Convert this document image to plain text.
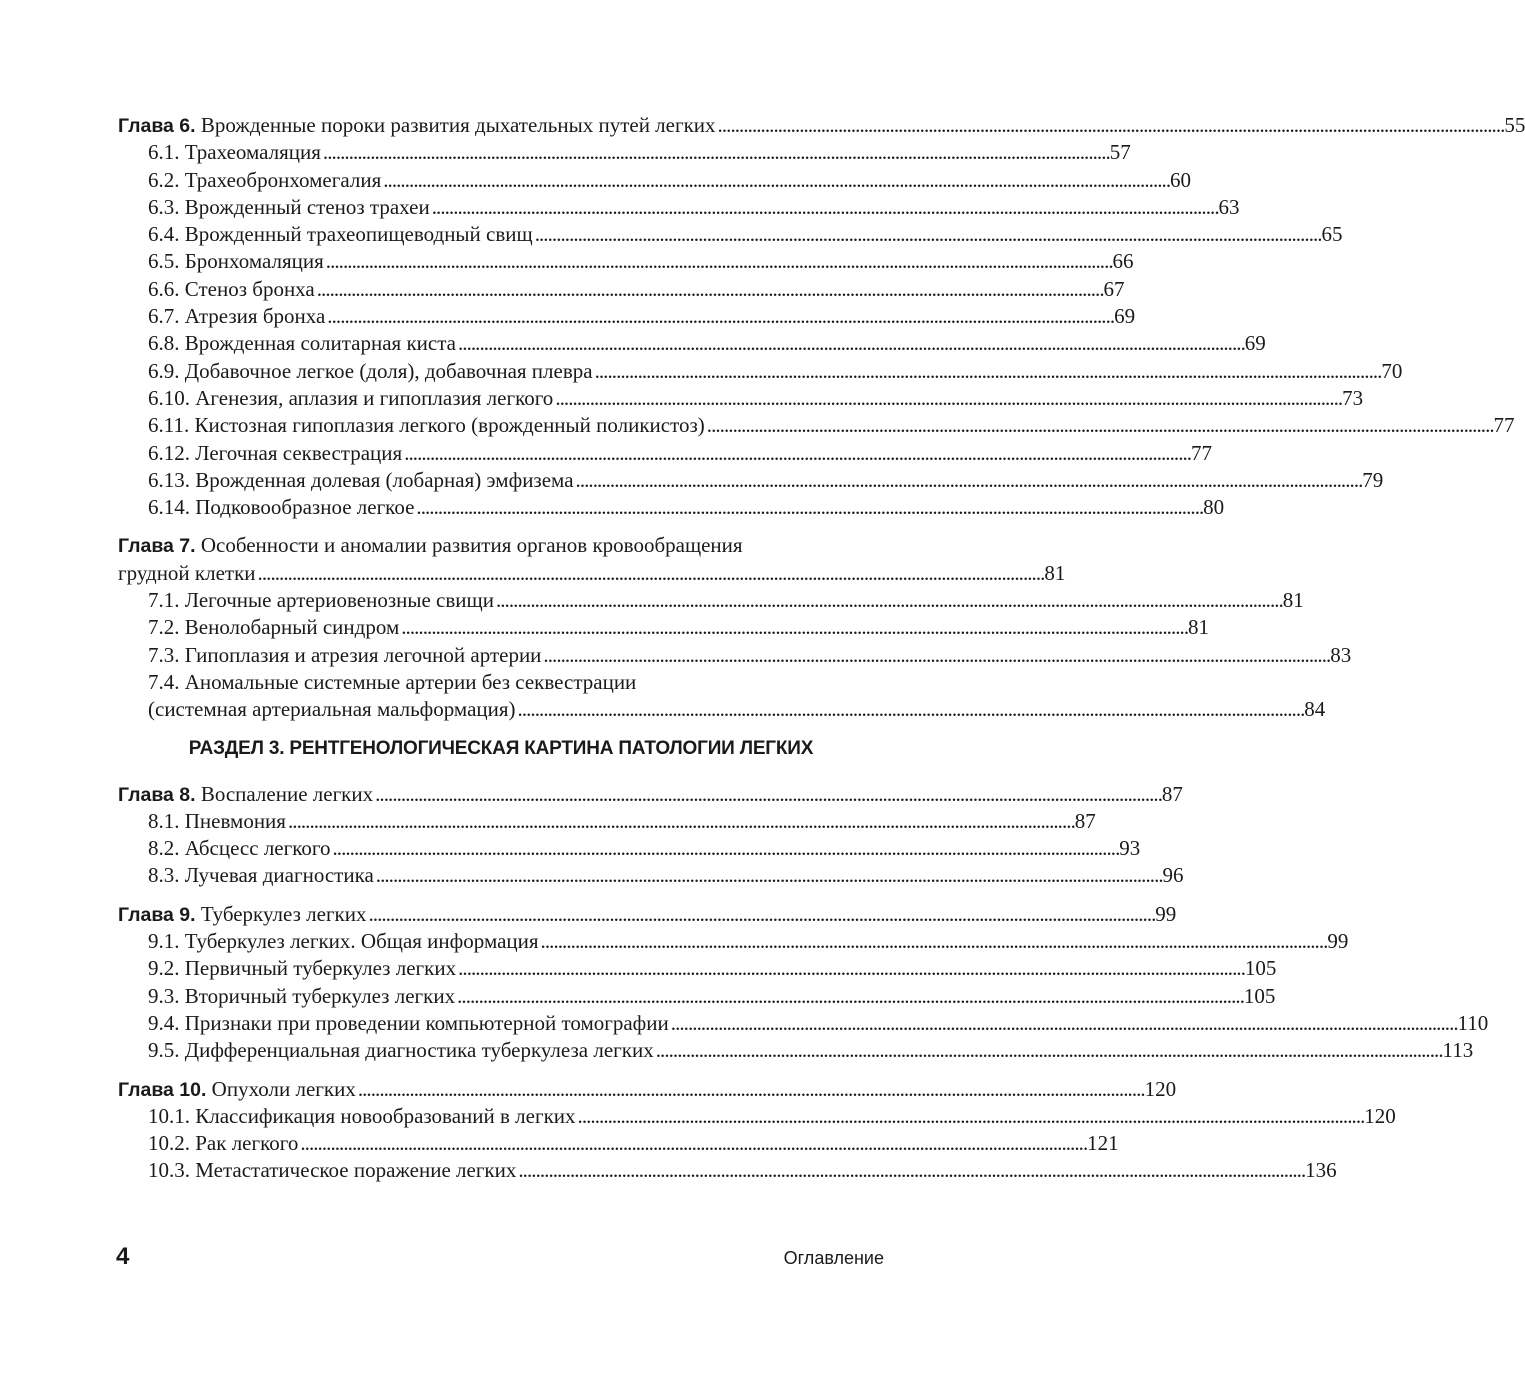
Глава 6. Врожденные пороки развития дыхательных путей легких . . .	55
6.1. Трахеомаляция . . .	57
6.2. Трахеобронхомегалия . . .	60
6.3. Врожденный стеноз трахеи . . .	63
6.4. Врожденный трахеопищеводный свищ . . .	65
6.5. Бронхомаляция . . .	66
6.6. Стеноз бронха . . .	67
6.7. Атрезия бронха . . .	69
6.8. Врожденная солитарная киста . . .	69
6.9. Добавочное легкое (доля), добавочная плевра . . .	70
6.10. Агенезия, аплазия и гипоплазия легкого . . .	73
6.11. Кистозная гипоплазия легкого (врожденный поликистоз) . . .	77
6.12. Легочная секвестрация . . .	77
6.13. Врожденная долевая (лобарная) эмфизема . . .	79
6.14. Подковообразное легкое . . .	80
Глава 7. Особенности и аномалии развития органов кровообращения
грудной клетки . . .	81
7.1. Легочные артериовенозные свищи . . .	81
7.2. Венолобарный синдром . . .	81
7.3. Гипоплазия и атрезия легочной артерии . . .	83
7.4. Аномальные системные артерии без секвестрации
(системная артериальная мальформация) . . .	84
РАЗДЕЛ 3. РЕНТГЕНОЛОГИЧЕСКАЯ КАРТИНА ПАТОЛОГИИ ЛЕГКИХ
Глава 8. Воспаление легких . . .	87
8.1. Пневмония . . .	87
8.2. Абсцесс легкого . . .	93
8.3. Лучевая диагностика . . .	96
Глава 9. Туберкулез легких . . .	99
9.1. Туберкулез легких. Общая информация . . .	99
9.2. Первичный туберкулез легких . . .	105
9.3. Вторичный туберкулез легких . . .	105
9.4. Признаки при проведении компьютерной томографии . . .	110
9.5. Дифференциальная диагностика туберкулеза легких . . .	113
Глава 10. Опухоли легких . . .	120
10.1. Классификация новообразований в легких . . .	120
10.2. Рак легкого . . .	121
10.3. Метастатическое поражение легких . . .	136
4	Оглавление
